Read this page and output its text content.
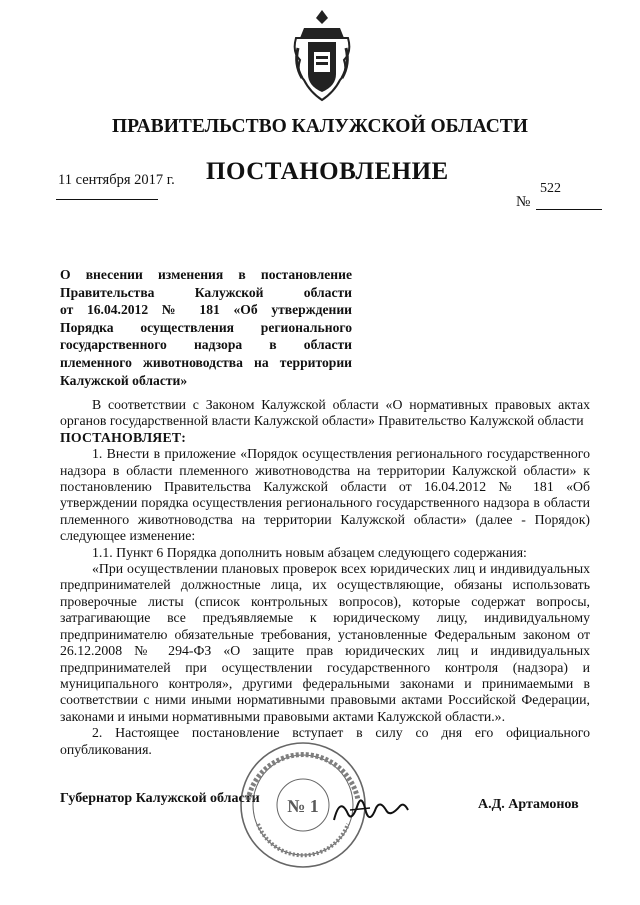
ПРАВИТЕЛЬСТВО КАЛУЖСКОЙ ОБЛАСТИ
11 сентября 2017 г. ПОСТАНОВЛЕНИЕ
522
№
О внесении изменения в постановление
Правительства Калужской области
от 16.04.2012 № 181 «Об утверждении
Порядка осуществления регионального
государственного надзора в области
племенного животноводства на территории
Калужской области»

В соответствии с Законом Калужской области «О нормативных правовых актах органов государственной власти Калужской области» Правительство Калужской области

ПОСТАНОВЛЯЕТ:

1. Внести в приложение «Порядок осуществления регионального государственного надзора в области племенного животноводства на территории Калужской области» к постановлению Правительства Калужской области от 16.04.2012 № 181 «Об утверждении порядка осуществления регионального государственного надзора в области племенного животноводства на территории Калужской области» (далее - Порядок) следующее изменение:

1.1. Пункт 6 Порядка дополнить новым абзацем следующего содержания:

«При осуществлении плановых проверок всех юридических лиц и индивидуальных предпринимателей должностные лица, их осуществляющие, обязаны использовать проверочные листы (список контрольных вопросов), которые содержат вопросы, затрагивающие все предъявляемые к юридическому лицу, индивидуальному предпринимателю обязательные требования, установленные Федеральным законом от 26.12.2008 № 294-ФЗ «О защите прав юридических лиц и индивидуальных предпринимателей при осуществлении государственного контроля (надзора) и муниципального контроля», другими федеральными законами и принимаемыми в соответствии с ними иными нормативными правовыми актами Российской Федерации, законами и иными нормативными правовыми актами Калужской области.».

2. Настоящее постановление вступает в силу со дня его официального опубликования.

Губернатор Калужской области № 1	А.Д. Артамонов
